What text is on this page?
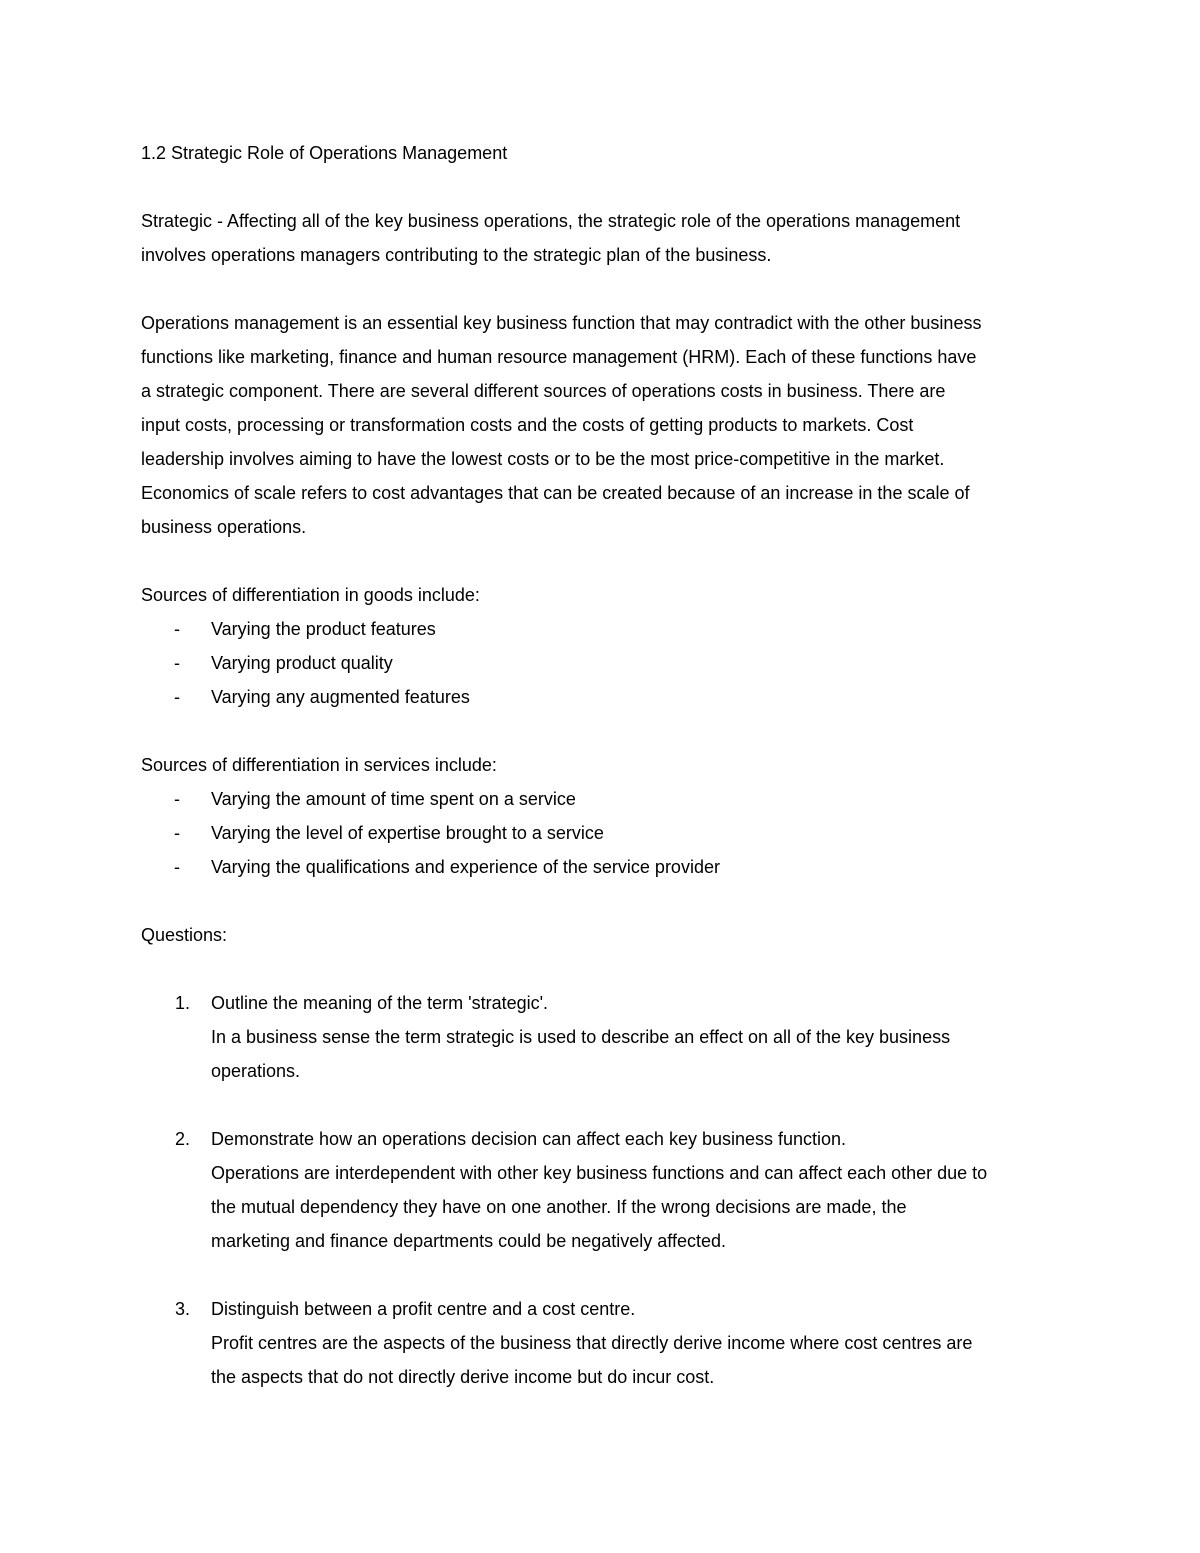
1.2 Strategic Role of Operations Management

Strategic - Affecting all of the key business operations, the strategic role of the operations management
involves operations managers contributing to the strategic plan of the business.

Operations management is an essential key business function that may contradict with the other business
functions like marketing, finance and human resource management (HRM). Each of these functions have
a strategic component. There are several different sources of operations costs in business. There are
input costs, processing or transformation costs and the costs of getting products to markets. Cost
leadership involves aiming to have the lowest costs or to be the most price-competitive in the market.
Economics of scale refers to cost advantages that can be created because of an increase in the scale of
business operations.

Sources of differentiation in goods include:

- Varying the product features
- Varying product quality
- Varying any augmented features

Sources of differentiation in services include:

- Varying the amount of time spent on a service
- Varying the level of expertise brought to a service
- Varying the qualifications and experience of the service provider

Questions:

1. Outline the meaning of the term 'strategic'.
In a business sense the term strategic is used to describe an effect on all of the key business
operations.
2. Demonstrate how an operations decision can affect each key business function.
Operations are interdependent with other key business functions and can affect each other due to
the mutual dependency they have on one another. If the wrong decisions are made, the
marketing and finance departments could be negatively affected.
3. Distinguish between a profit centre and a cost centre.
Profit centres are the aspects of the business that directly derive income where cost centres are
the aspects that do not directly derive income but do incur cost.
